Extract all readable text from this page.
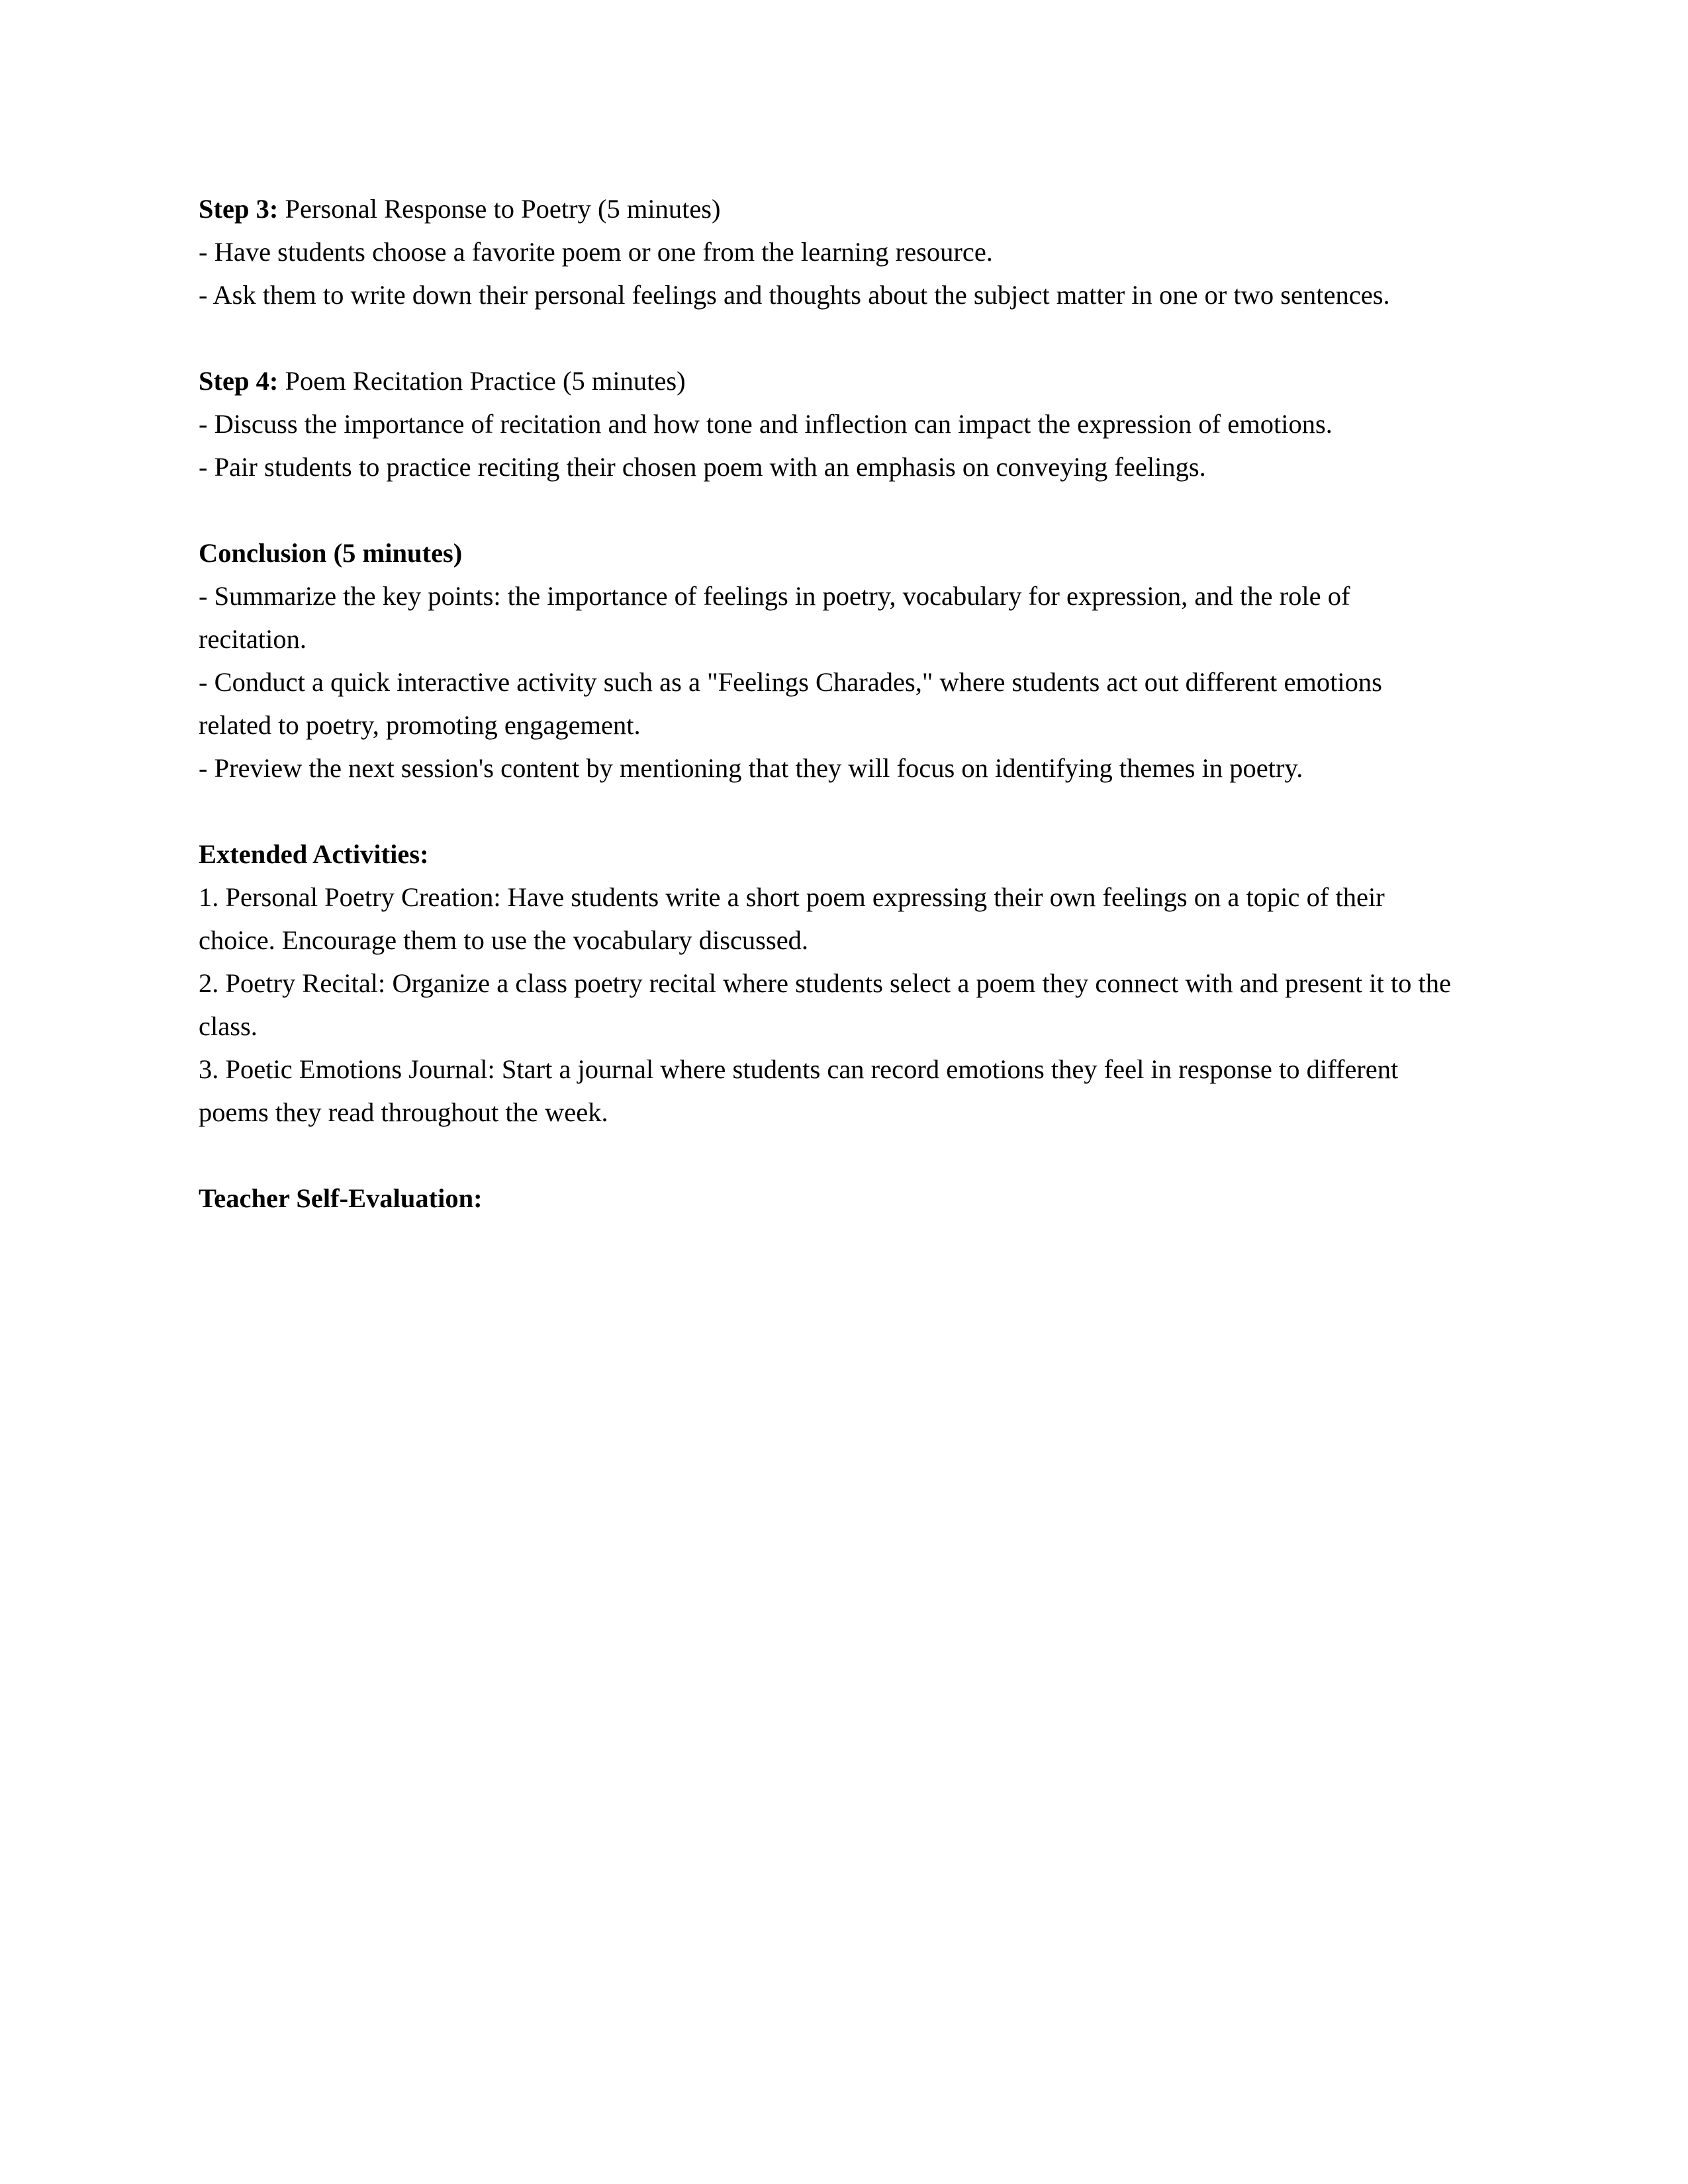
Step 3: Personal Response to Poetry (5 minutes)

- Have students choose a favorite poem or one from the learning resource.

- Ask them to write down their personal feelings and thoughts about the subject matter in one or two sentences.

Step 4: Poem Recitation Practice (5 minutes)

- Discuss the importance of recitation and how tone and inflection can impact the expression of emotions.

- Pair students to practice reciting their chosen poem with an emphasis on conveying feelings.

Conclusion (5 minutes)

- Summarize the key points: the importance of feelings in poetry, vocabulary for expression, and the role of recitation.

- Conduct a quick interactive activity such as a "Feelings Charades," where students act out different emotions related to poetry, promoting engagement.

- Preview the next session's content by mentioning that they will focus on identifying themes in poetry.

Extended Activities:

1. Personal Poetry Creation: Have students write a short poem expressing their own feelings on a topic of their choice. Encourage them to use the vocabulary discussed.

2. Poetry Recital: Organize a class poetry recital where students select a poem they connect with and present it to the class.

3. Poetic Emotions Journal: Start a journal where students can record emotions they feel in response to different poems they read throughout the week.

Teacher Self-Evaluation:
